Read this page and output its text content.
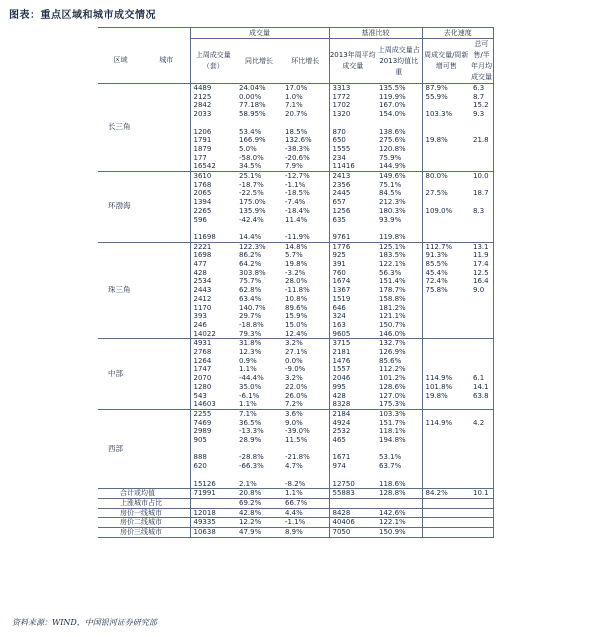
图表：重点区域和城市成交情况
		成交量			基准比较		去化速度	
区域	城市	上周成交量（套）	同比增长	环比增长	2013年周平均成交量	上周成交量占2013均值比重	周成交量/周新增可售	总可售/半年月均成交量
长三角		4489	24.04%	17.0%	3313	135.5%	87.9%	6.3
	2125	0.00%	1.0%	1772	119.9%	55.9%	8.7
	2842	77.18%	7.1%	1702	167.0%		15.2
	2033	58.95%	20.7%	1320	154.0%	103.3%	9.3

	1206	53.4%	18.5%	870	138.6%		
	1791	166.9%	132.6%	650	275.6%	19.8%	21.8
	1879	5.0%	-38.3%	1555	120.8%		
	177	-58.0%	-20.6%	234	75.9%		
	16542	34.5%	7.9%	11416	144.9%		
环渤海		3610	25.1%	-12.7%	2413	149.6%	80.0%	10.0
	1768	-18.7%	-1.1%	2356	75.1%		
	2065	-22.5%	-18.5%	2445	84.5%	27.5%	18.7
	1394	175.0%	-7.4%	657	212.3%		
	2265	135.9%	-18.4%	1256	180.3%	109.0%	8.3
	596	-42.4%	11.4%	635	93.9%		

	11698	14.4%	-11.9%	9761	119.8%		
珠三角		2221	122.3%	14.8%	1776	125.1%	112.7%	13.1
	1698	86.2%	5.7%	925	183.5%	91.3%	11.9
	477	64.2%	19.8%	391	122.1%	85.5%	17.4
	428	303.8%	-3.2%	760	56.3%	45.4%	12.5
	2534	75.7%	28.0%	1674	151.4%	72.4%	16.4
	2443	62.8%	-11.8%	1367	178.7%	75.8%	9.0
	2412	63.4%	10.8%	1519	158.8%		
	1170	140.7%	89.6%	646	181.2%		
	393	29.7%	15.9%	324	121.1%		
	246	-18.8%	15.0%	163	150.7%		
	14022	79.3%	12.4%	9605	146.0%		
中部		4931	31.8%	3.2%	3715	132.7%		
	2768	12.3%	27.1%	2181	126.9%		
	1264	0.9%	0.0%	1476	85.6%		
	1747	1.1%	-9.0%	1557	112.2%		
	2070	-44.4%	3.2%	2046	101.2%	114.9%	6.1
	1280	35.0%	22.0%	995	128.6%	101.8%	14.1
	543	-6.1%	26.0%	428	127.0%	19.8%	63.8
	14603	1.1%	7.2%	8328	175.3%		
西部		2255	7.1%	3.6%	2184	103.3%		
	7469	36.5%	9.0%	4924	151.7%	114.9%	4.2
	2989	-13.3%	-39.0%	2532	118.1%		
	905	28.9%	11.5%	465	194.8%		

	888	-28.8%	-21.8%	1671	53.1%		
	620	-66.3%	4.7%	974	63.7%		

	15126	2.1%	-8.2%	12750	118.6%		
合计或均值		71991	20.8%	1.1%	55883	128.8%	84.2%	10.1
上涨城市占比			69.2%	66.7%				
房价一线城市		12018	42.8%	4.4%	8428	142.6%		
房价二线城市		49335	12.2%	-1.1%	40406	122.1%		
房价三线城市		10638	47.9%	8.9%	7050	150.9%		
资料来源：WIND，中国银河证券研究部
